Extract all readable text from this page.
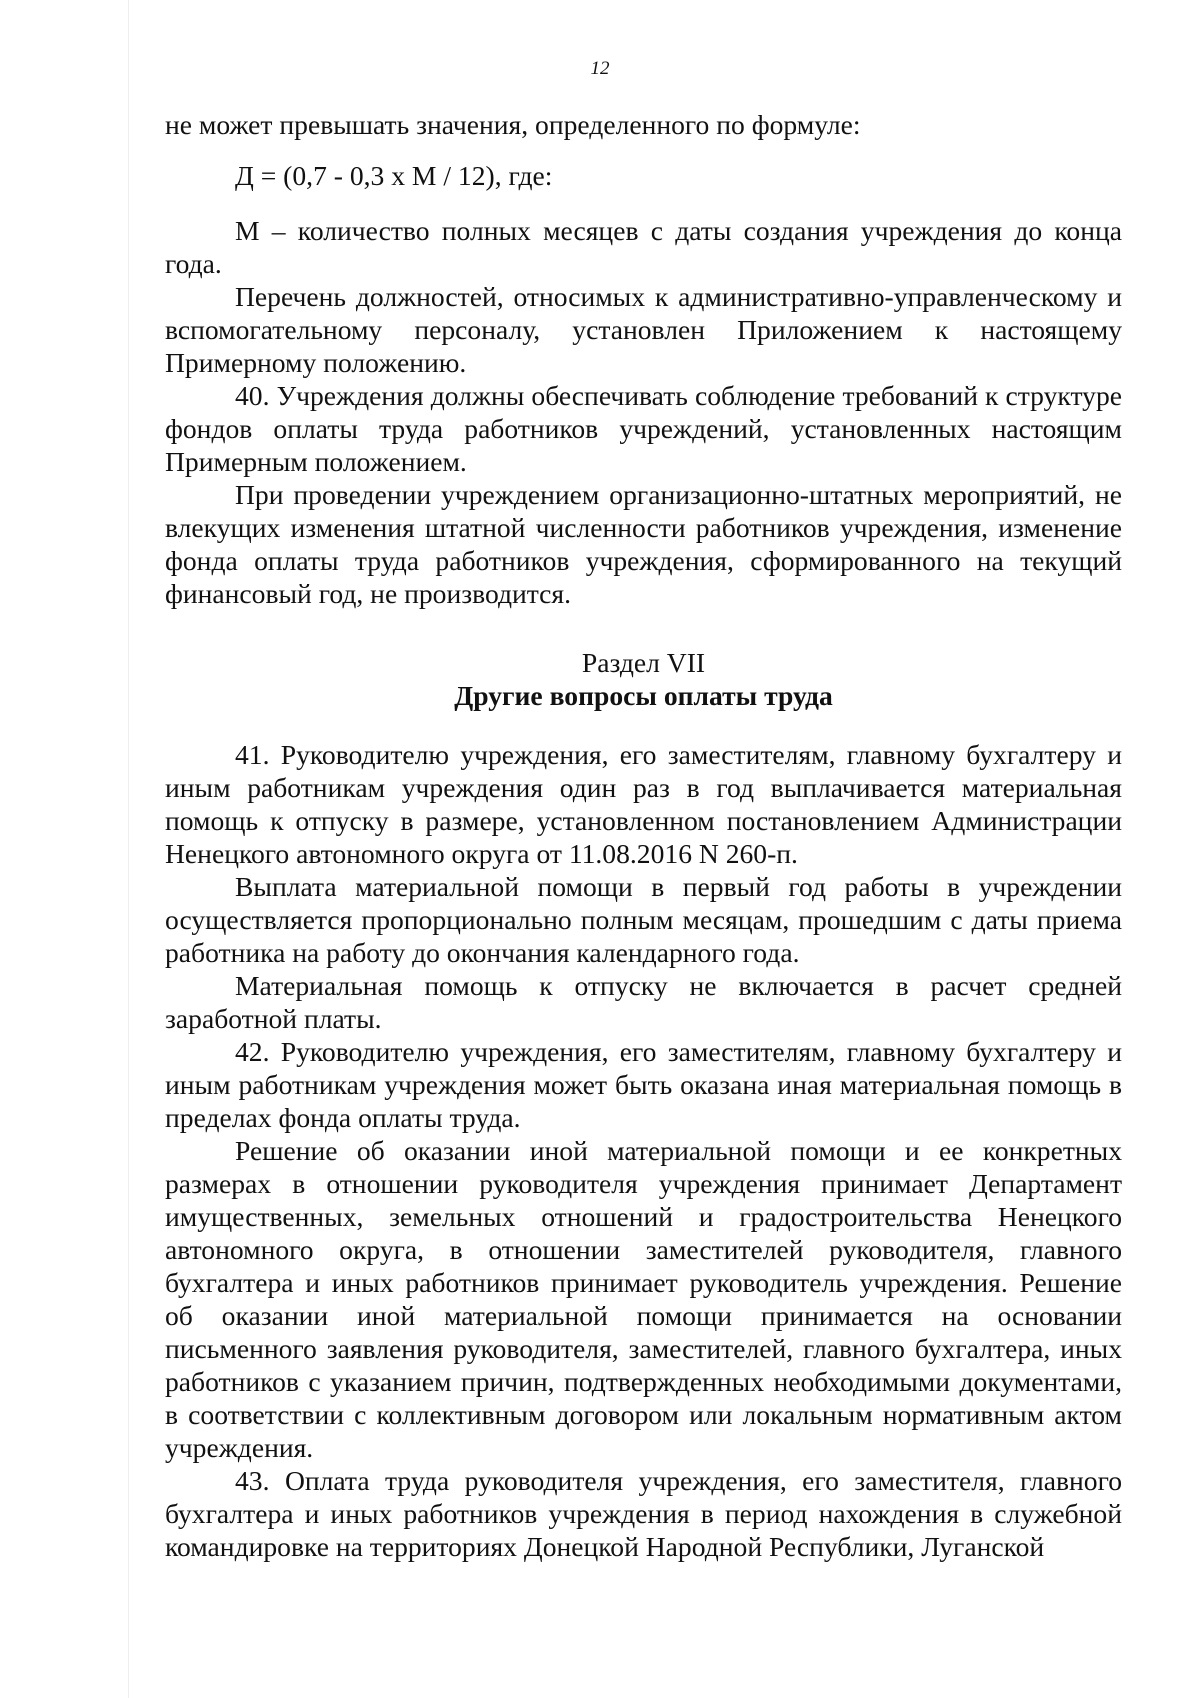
12

не может превышать значения, определенного по формуле:

Д = (0,7 - 0,3 х М / 12), где:

М – количество полных месяцев с даты создания учреждения до конца года.

Перечень должностей, относимых к административно-управленческому и вспомогательному персоналу, установлен Приложением к настоящему Примерному положению.

40. Учреждения должны обеспечивать соблюдение требований к структуре фондов оплаты труда работников учреждений, установленных настоящим Примерным положением.

При проведении учреждением организационно-штатных мероприятий, не влекущих изменения штатной численности работников учреждения, изменение фонда оплаты труда работников учреждения, сформированного на текущий финансовый год, не производится.

Раздел VII

Другие вопросы оплаты труда

41. Руководителю учреждения, его заместителям, главному бухгалтеру и иным работникам учреждения один раз в год выплачивается материальная помощь к отпуску в размере, установленном постановлением Администрации Ненецкого автономного округа от 11.08.2016 N 260-п.

Выплата материальной помощи в первый год работы в учреждении осуществляется пропорционально полным месяцам, прошедшим с даты приема работника на работу до окончания календарного года.

Материальная помощь к отпуску не включается в расчет средней заработной платы.

42. Руководителю учреждения, его заместителям, главному бухгалтеру и иным работникам учреждения может быть оказана иная материальная помощь в пределах фонда оплаты труда.

Решение об оказании иной материальной помощи и ее конкретных размерах в отношении руководителя учреждения принимает Департамент имущественных, земельных отношений и градостроительства Ненецкого автономного округа, в отношении заместителей руководителя, главного бухгалтера и иных работников принимает руководитель учреждения. Решение об оказании иной материальной помощи принимается на основании письменного заявления руководителя, заместителей, главного бухгалтера, иных работников с указанием причин, подтвержденных необходимыми документами, в соответствии с коллективным договором или локальным нормативным актом учреждения.

43. Оплата труда руководителя учреждения, его заместителя, главного бухгалтера и иных работников учреждения в период нахождения в служебной командировке на территориях Донецкой Народной Республики, Луганской
